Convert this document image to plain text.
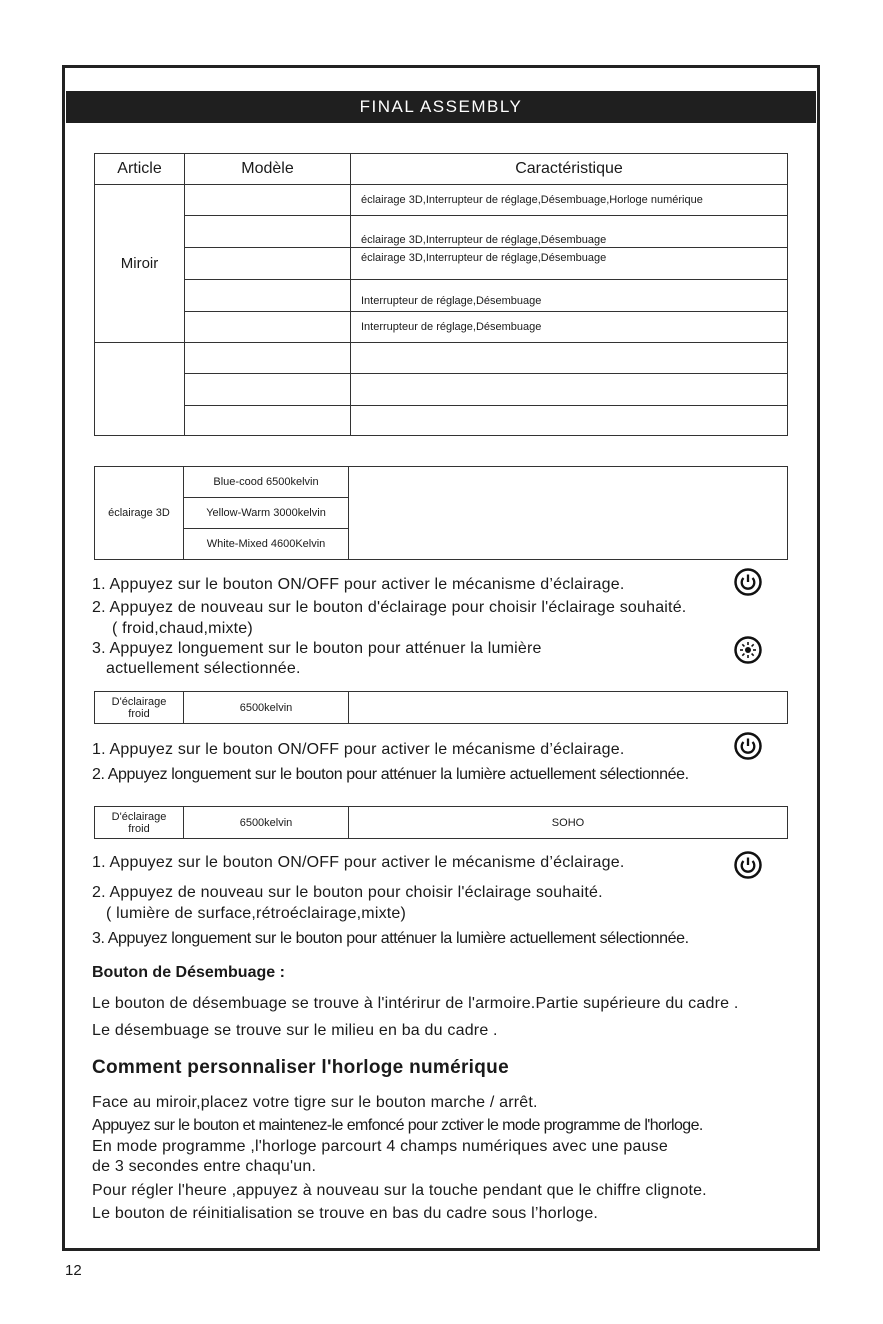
FINAL ASSEMBLY
Article	Modèle	Caractéristique
Miroir		éclairage 3D,Interrupteur de réglage,Désembuage,Horloge numérique
		éclairage 3D,Interrupteur de réglage,Désembuage
		éclairage 3D,Interrupteur de réglage,Désembuage
		Interrupteur de réglage,Désembuage
		Interrupteur de réglage,Désembuage

éclairage 3D	Blue-cood 6500kelvin	
Yellow-Warm 3000kelvin
White-Mixed 4600Kelvin
1. Appuyez sur le bouton ON/OFF pour activer le mécanisme d’éclairage.
2. Appuyez de nouveau sur le bouton d'éclairage pour choisir l'éclairage souhaité.
( froid,chaud,mixte)
3. Appuyez longuement sur le bouton pour atténuer la lumière
actuellement sélectionnée.
D'éclairage
froid	6500kelvin	
1. Appuyez sur le bouton ON/OFF pour activer le mécanisme d’éclairage.
2. Appuyez longuement sur le bouton pour atténuer la lumière actuellement sélectionnée.
D'éclairage
froid	6500kelvin	SOHO
1. Appuyez sur le bouton ON/OFF pour activer le mécanisme d’éclairage.
2. Appuyez de nouveau sur le bouton pour choisir l'éclairage souhaité.
( lumière de surface,rétroéclairage,mixte)
3. Appuyez longuement sur le bouton pour atténuer la lumière actuellement sélectionnée.
Bouton de Désembuage :
Le bouton de désembuage se trouve à l'intérirur de l'armoire.Partie supérieure du cadre .
Le désembuage se trouve sur le milieu en ba du cadre .
Comment personnaliser l'horloge numérique
Face au miroir,placez votre tigre sur le bouton marche / arrêt.
Appuyez sur le bouton et maintenez-le emfoncé pour zctiver le mode programme de l'horloge.
En mode programme ,l'horloge parcourt 4 champs numériques avec une pause
de 3 secondes entre chaqu'un.
Pour régler l'heure ,appuyez à nouveau sur la touche pendant que le chiffre clignote.
Le bouton de réinitialisation se trouve en bas du cadre sous l’horloge.
12
